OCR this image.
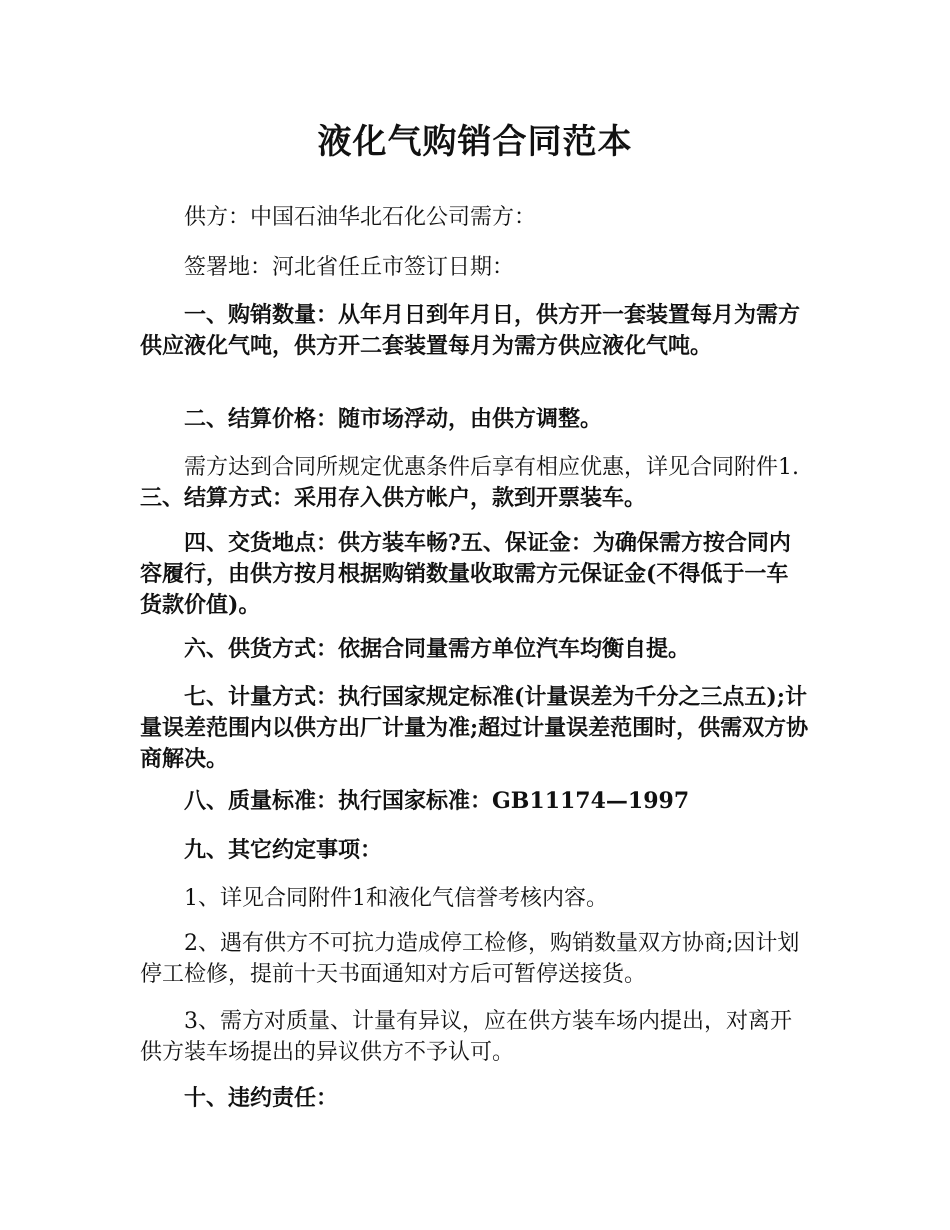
液化气购销合同范本

供方：中国石油华北石化公司需方：

签署地：河北省任丘市签订日期：

一、购销数量：从年月日到年月日，供方开一套装置每月为需方供应液化气吨，供方开二套装置每月为需方供应液化气吨。

二、结算价格：随市场浮动，由供方调整。

需方达到合同所规定优惠条件后享有相应优惠，详见合同附件1.三、结算方式：采用存入供方帐户，款到开票装车。

四、交货地点：供方装车畅?五、保证金：为确保需方按合同内容履行，由供方按月根据购销数量收取需方元保证金(不得低于一车货款价值)。

六、供货方式：依据合同量需方单位汽车均衡自提。

七、计量方式：执行国家规定标准(计量误差为千分之三点五);计量误差范围内以供方出厂计量为准;超过计量误差范围时，供需双方协商解决。

八、质量标准：执行国家标准：GB11174—1997

九、其它约定事项：

1、详见合同附件1和液化气信誉考核内容。

2、遇有供方不可抗力造成停工检修，购销数量双方协商;因计划停工检修，提前十天书面通知对方后可暂停送接货。

3、需方对质量、计量有异议，应在供方装车场内提出，对离开供方装车场提出的异议供方不予认可。

十、违约责任：
